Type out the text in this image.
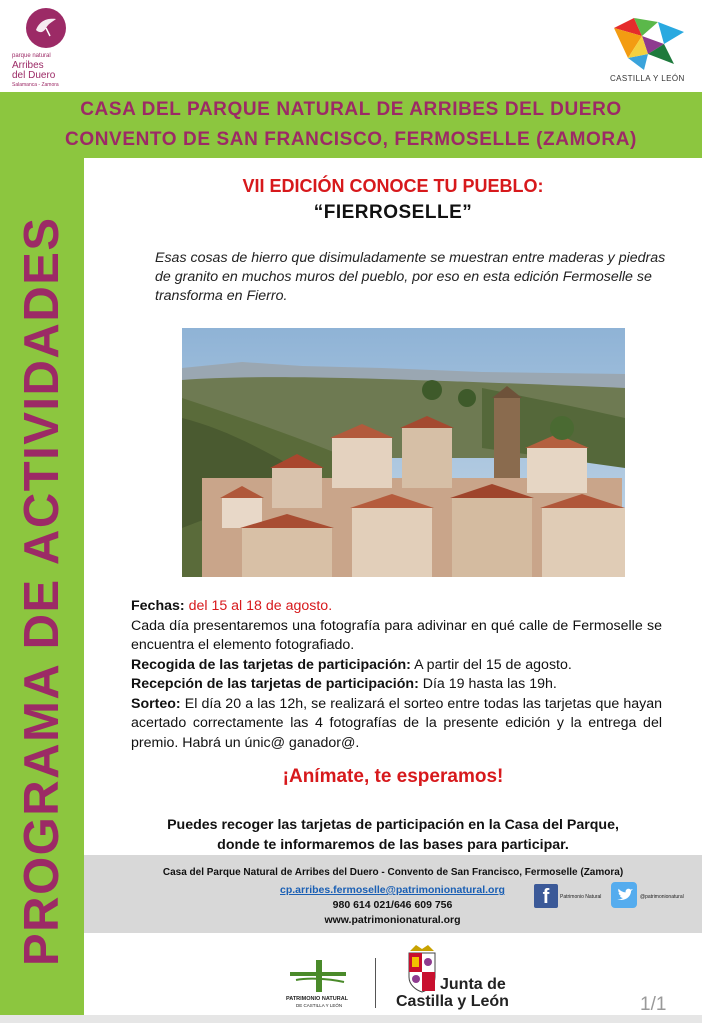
parque natural
Arribes
del Duero
Salamanca - Zamora
CASTILLA Y LEÓN
CASA DEL PARQUE NATURAL DE ARRIBES DEL DUERO
CONVENTO DE SAN FRANCISCO, FERMOSELLE (ZAMORA)
PROGRAMA DE ACTIVIDADES
VII EDICIÓN CONOCE TU PUEBLO:
“FIERROSELLE”
Esas cosas de hierro que disimuladamente se muestran entre maderas y piedras de granito en muchos muros del pueblo, por eso en esta edición Fermoselle se transforma en Fierro.

Fechas: del 15 al 18 de agosto.

Cada día presentaremos una fotografía para adivinar en qué calle de Fermoselle se encuentra el elemento fotografiado.

Recogida de las tarjetas de participación: A partir del 15 de agosto.

Recepción de las tarjetas de participación: Día 19 hasta las 19h.

Sorteo: El día 20 a las 12h, se realizará el sorteo entre todas las tarjetas que hayan acertado correctamente las 4 fotografías de la presente edición y la entrega del premio. Habrá un únic@ ganador@.

¡Anímate, te esperamos!
Puedes recoger las tarjetas de participación en la Casa del Parque,
donde te informaremos de las bases para participar.
Casa del Parque Natural de Arribes del Duero - Convento de San Francisco, Fermoselle (Zamora)
cp.arribes.fermoselle@patrimonionatural.org
980 614 021/646 609 756
www.patrimonionatural.org
f	Patrimonio Natural	@patrimonionatural
PATRIMONIO NATURAL
DE CASTILLA Y LEÓN
Junta de
Castilla y León	1/1
